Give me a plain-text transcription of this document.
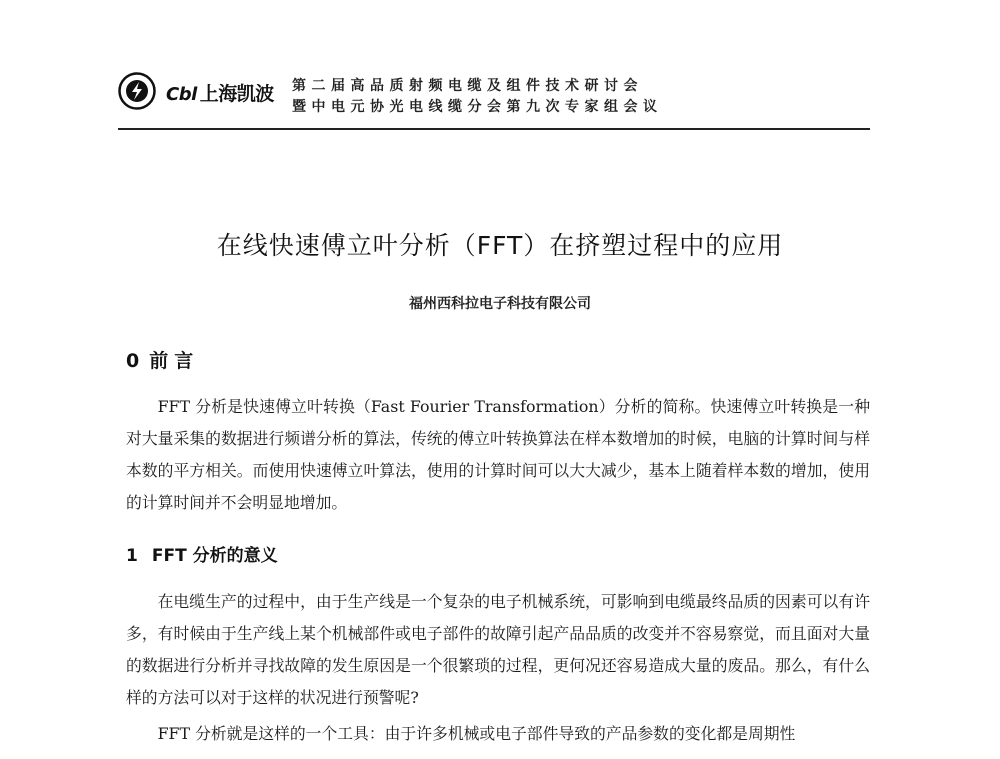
Cbl 上海凯波 第二届高品质射频电缆及组件技术研讨会
暨中电元协光电线缆分会第九次专家组会议
在线快速傅立叶分析（FFT）在挤塑过程中的应用
福州西科拉电子科技有限公司
0 前言

FFT 分析是快速傅立叶转换（Fast Fourier Transformation）分析的简称。快速傅立叶转换是一种对大量采集的数据进行频谱分析的算法，传统的傅立叶转换算法在样本数增加的时候，电脑的计算时间与样本数的平方相关。而使用快速傅立叶算法，使用的计算时间可以大大减少，基本上随着样本数的增加，使用的计算时间并不会明显地增加。

1 FFT 分析的意义

在电缆生产的过程中，由于生产线是一个复杂的电子机械系统，可影响到电缆最终品质的因素可以有许多，有时候由于生产线上某个机械部件或电子部件的故障引起产品品质的改变并不容易察觉，而且面对大量的数据进行分析并寻找故障的发生原因是一个很繁琐的过程，更何况还容易造成大量的废品。那么，有什么样的方法可以对于这样的状况进行预警呢?

FFT 分析就是这样的一个工具：由于许多机械或电子部件导致的产品参数的变化都是周期性
